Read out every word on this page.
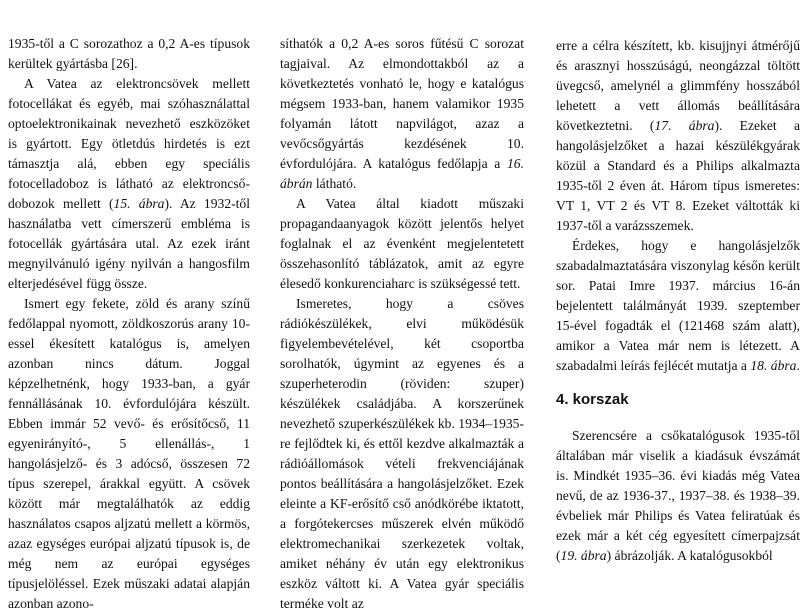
1935-től a C sorozathoz a 0,2 A-es típusok kerültek gyártásba [26].

A Vatea az elektroncsövek mellett fotocellákat és egyéb, mai szóhasználattal optoelektronikainak nevezhető eszközöket is gyártott. Egy ötletdús hirdetés is ezt támasztja alá, ebben egy speciális fotocelladoboz is látható az elektroncső-dobozok mellett (15. ábra). Az 1932-től használatba vett címerszerű embléma is fotocellák gyártására utal. Az ezek iránt megnyilvánuló igény nyilván a hangosfilm elterjedésével függ össze.

Ismert egy fekete, zöld és arany színű fedőlappal nyomott, zöldkoszorús arany 10-essel ékesített katalógus is, amelyen azonban nincs dátum. Joggal képzelhetnénk, hogy 1933-ban, a gyár fennállásának 10. évfordulójára készült. Ebben immár 52 vevő- és erősítőcső, 11 egyenirányító-, 5 ellenállás-, 1 hangolásjelző- és 3 adócső, összesen 72 típus szerepel, árakkal együtt. A csövek között már megtalálhatók az eddig használatos csapos aljzatú mellett a körmös, azaz egységes európai aljzatú típusok is, de még nem az európai egységes típusjelöléssel. Ezek műszaki adatai alapján azonban azono-

síthatók a 0,2 A-es soros fűtésű C sorozat tagjaival. Az elmondottakból az a következtetés vonható le, hogy e katalógus mégsem 1933-ban, hanem valamikor 1935 folyamán látott napvilágot, azaz a vevőcsőgyártás kezdésének 10. évfordulójára. A katalógus fedőlapja a 16. ábrán látható.

A Vatea által kiadott műszaki propagandaanyagok között jelentős helyet foglalnak el az évenként megjelentetett összehasonlító táblázatok, amit az egyre élesedő konkurenciaharc is szükségessé tett.

Ismeretes, hogy a csöves rádiókészülékek, elvi működésük figyelembevételével, két csoportba sorolhatók, úgymint az egyenes és a szuperheterodin (röviden: szuper) készülékek családjába. A korszerűnek nevezhető szuperkészülékek kb. 1934–1935-re fejlődtek ki, és ettől kezdve alkalmazták a rádióállomások vételi frekvenciájának pontos beállítására a hangolásjelzőket. Ezek eleinte a KF-erősítő cső anódkörébe iktatott, a forgótekercses műszerek elvén működő elektromechanikai szerkezetek voltak, amiket néhány év után egy elektronikus eszköz váltott ki. A Vatea gyár speciális terméke volt az

erre a célra készített, kb. kisujjnyi átmérőjű és arasznyi hosszúságú, neongázzal töltött üvegcső, amelynél a glimmfény hosszából lehetett a vett állomás beállítására következtetni. (17. ábra). Ezeket a hangolásjelzőket a hazai készülékgyárak közül a Standard és a Philips alkalmazta 1935-től 2 éven át. Három típus ismeretes: VT 1, VT 2 és VT 8. Ezeket váltották ki 1937-től a varázsszemek.

Érdekes, hogy e hangolásjelzők szabadalmaztatására viszonylag későn került sor. Patai Imre 1937. március 16-án bejelentett találmányát 1939. szeptember 15-ével fogadták el (121468 szám alatt), amikor a Vatea már nem is létezett. A szabadalmi leírás fejlécét mutatja a 18. ábra.

4. korszak

Szerencsére a csőkatalógusok 1935-től általában már viselik a kiadásuk évszámát is. Mindkét 1935–36. évi kiadás még Vatea nevű, de az 1936-37., 1937–38. és 1938–39. évbeliek már Philips és Vatea feliratúak és ezek már a két cég egyesített címerpajzsát (19. ábra) ábrázolják. A katalógusokból
